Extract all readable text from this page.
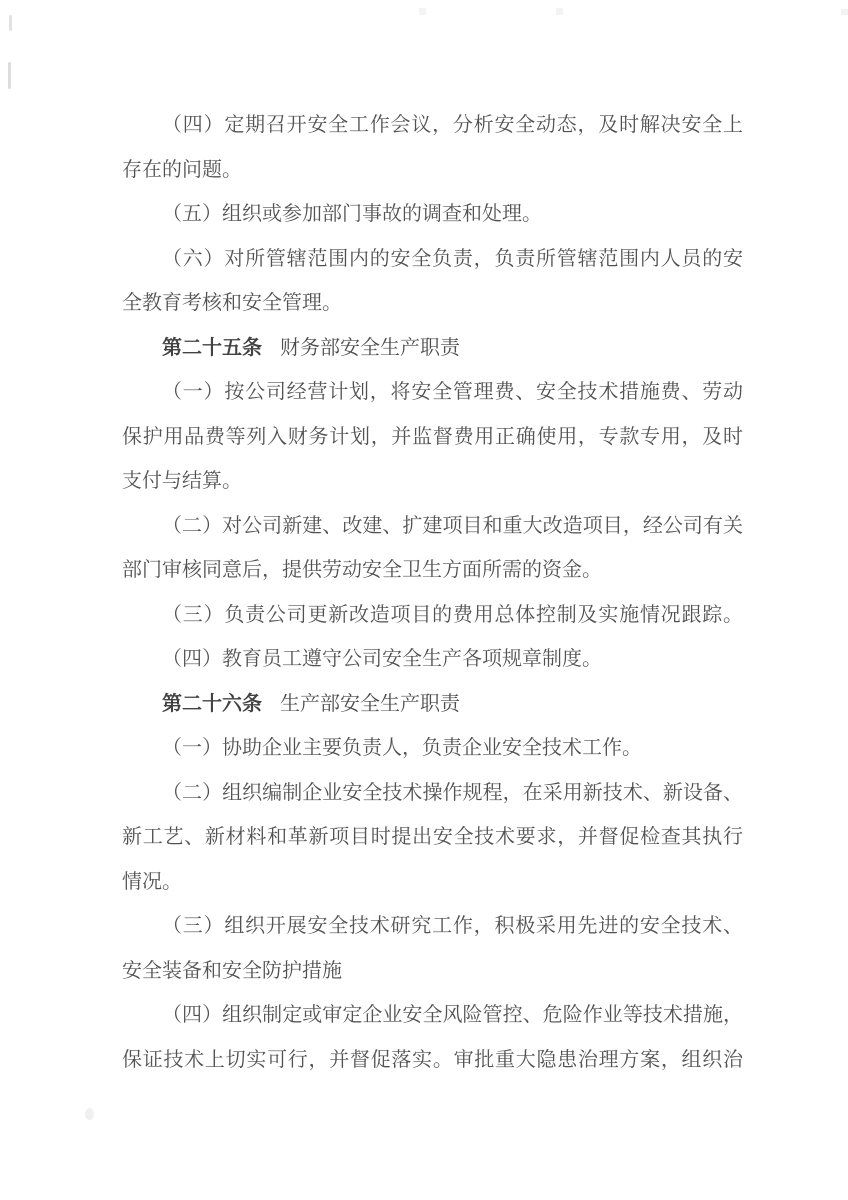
（四）定期召开安全工作会议，分析安全动态，及时解决安全上
存在的问题。
（五）组织或参加部门事故的调查和处理。
（六）对所管辖范围内的安全负责，负责所管辖范围内人员的安
全教育考核和安全管理。
第二十五条 财务部安全生产职责
（一）按公司经营计划，将安全管理费、安全技术措施费、劳动
保护用品费等列入财务计划，并监督费用正确使用，专款专用，及时
支付与结算。
（二）对公司新建、改建、扩建项目和重大改造项目，经公司有关
部门审核同意后，提供劳动安全卫生方面所需的资金。
（三）负责公司更新改造项目的费用总体控制及实施情况跟踪。
（四）教育员工遵守公司安全生产各项规章制度。
第二十六条 生产部安全生产职责
（一）协助企业主要负责人，负责企业安全技术工作。
（二）组织编制企业安全技术操作规程，在采用新技术、新设备、
新工艺、新材料和革新项目时提出安全技术要求，并督促检查其执行
情况。
（三）组织开展安全技术研究工作，积极采用先进的安全技术、
安全装备和安全防护措施
（四）组织制定或审定企业安全风险管控、危险作业等技术措施，
保证技术上切实可行，并督促落实。审批重大隐患治理方案，组织治
